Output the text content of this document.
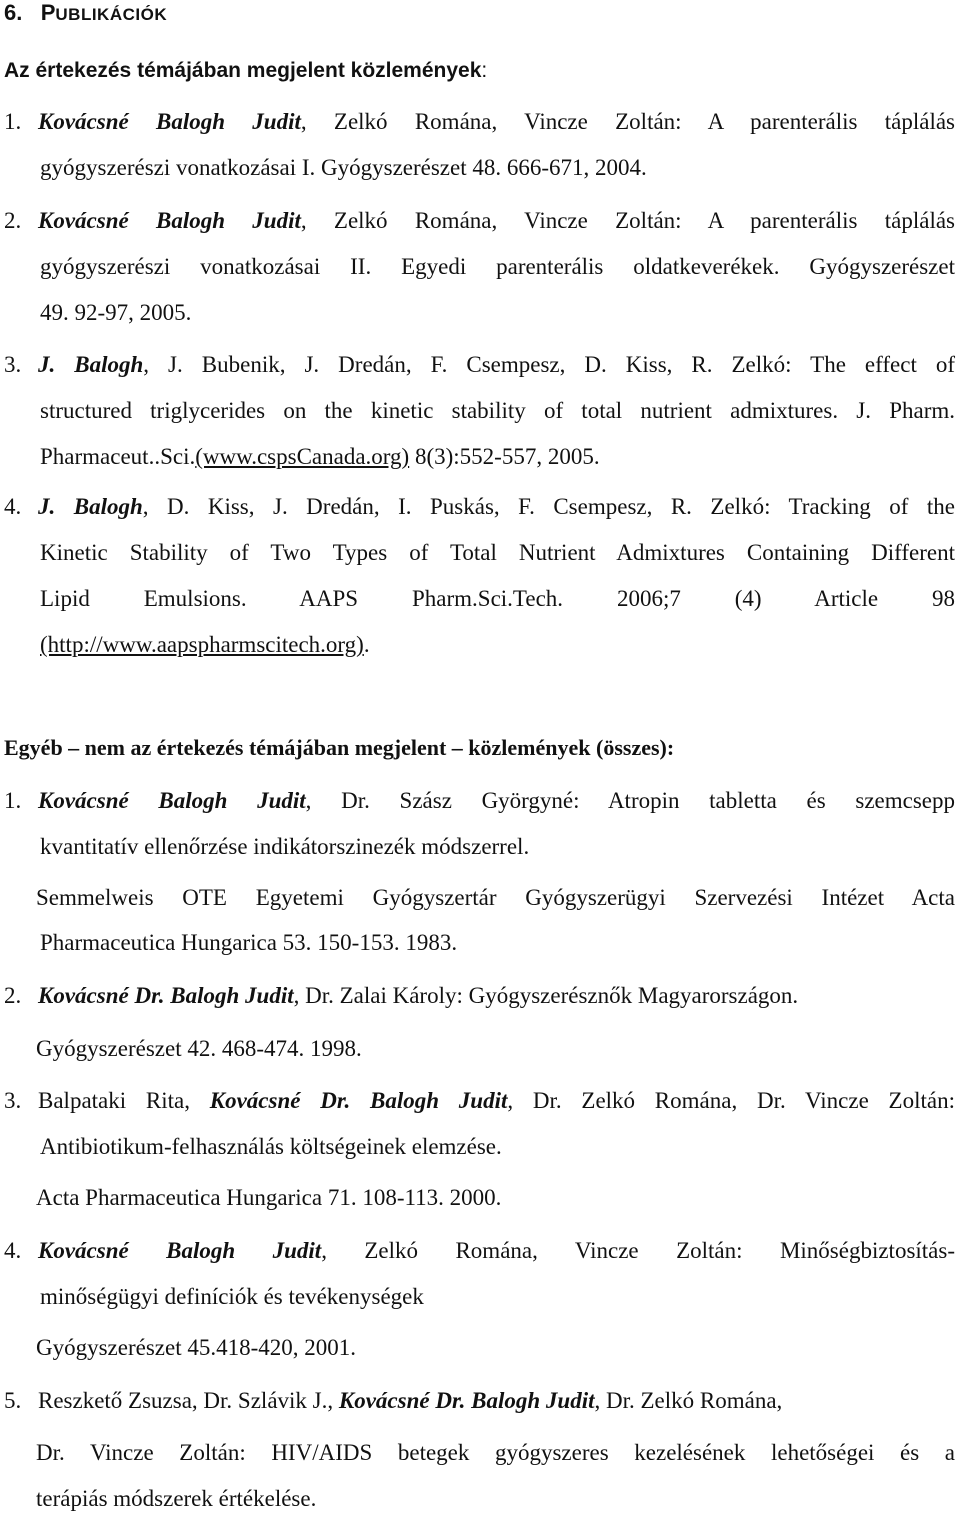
6. PUBLIKÁCIÓK
Az értekezés témájában megjelent közlemények:
1. Kovácsné Balogh Judit, Zelkó Romána, Vincze Zoltán: A parenterális táplálás
gyógyszerészi vonatkozásai I. Gyógyszerészet 48. 666-671, 2004.
2. Kovácsné Balogh Judit, Zelkó Romána, Vincze Zoltán: A parenterális táplálás
gyógyszerészi vonatkozásai II. Egyedi parenterális oldatkeverékek. Gyógyszerészet
49. 92-97, 2005.
3. J. Balogh, J. Bubenik, J. Dredán, F. Csempesz, D. Kiss, R. Zelkó: The effect of
structured triglycerides on the kinetic stability of total nutrient admixtures. J. Pharm.
Pharmaceut..Sci.(www.cspsCanada.org) 8(3):552-557, 2005.
4. J. Balogh, D. Kiss, J. Dredán, I. Puskás, F. Csempesz, R. Zelkó: Tracking of the
Kinetic Stability of Two Types of Total Nutrient Admixtures Containing Different
Lipid Emulsions. AAPS Pharm.Sci.Tech. 2006;7 (4) Article 98
(http://www.aapspharmscitech.org).
Egyéb – nem az értekezés témájában megjelent – közlemények (összes):
1. Kovácsné Balogh Judit, Dr. Szász Györgyné: Atropin tabletta és szemcsepp
kvantitatív ellenőrzése indikátorszinezék módszerrel.
Semmelweis OTE Egyetemi Gyógyszertár Gyógyszerügyi Szervezési Intézet Acta
Pharmaceutica Hungarica 53. 150-153. 1983.
2. Kovácsné Dr. Balogh Judit, Dr. Zalai Károly: Gyógyszerésznők Magyarországon.
Gyógyszerészet 42. 468-474. 1998.
3. Balpataki Rita, Kovácsné Dr. Balogh Judit, Dr. Zelkó Romána, Dr. Vincze Zoltán:
Antibiotikum-felhasználás költségeinek elemzése.
Acta Pharmaceutica Hungarica 71. 108-113. 2000.
4. Kovácsné Balogh Judit, Zelkó Romána, Vincze Zoltán: Minőségbiztosítás-
minőségügyi definíciók és tevékenységek
Gyógyszerészet 45.418-420, 2001.
5. Reszkető Zsuzsa, Dr. Szlávik J., Kovácsné Dr. Balogh Judit, Dr. Zelkó Romána,
Dr. Vincze Zoltán: HIV/AIDS betegek gyógyszeres kezelésének lehetőségei és a
terápiás módszerek értékelése.
